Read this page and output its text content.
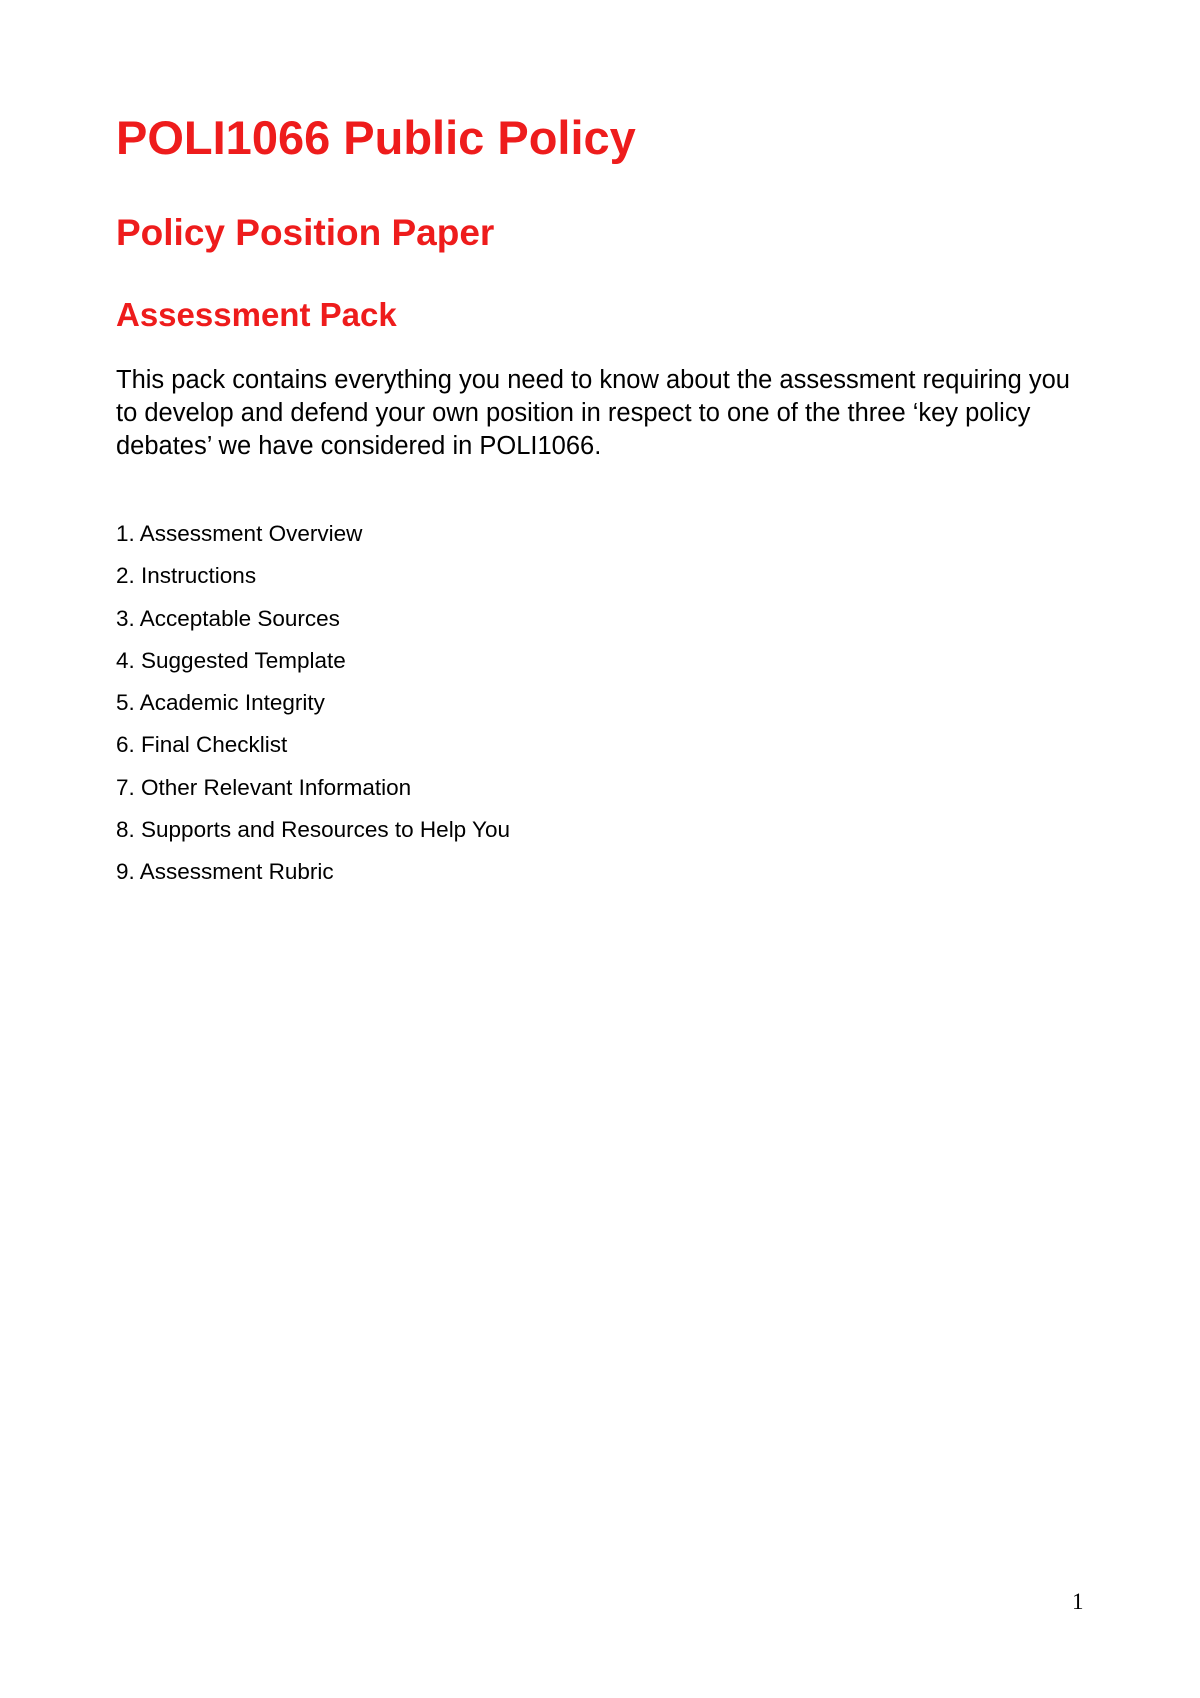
POLI1066 Public Policy
Policy Position Paper
Assessment Pack

This pack contains everything you need to know about the assessment requiring you to develop and defend your own position in respect to one of the three ‘key policy debates’ we have considered in POLI1066.

1. Assessment Overview
2. Instructions
3. Acceptable Sources
4. Suggested Template
5. Academic Integrity
6. Final Checklist
7. Other Relevant Information
8. Supports and Resources to Help You
9. Assessment Rubric
1
